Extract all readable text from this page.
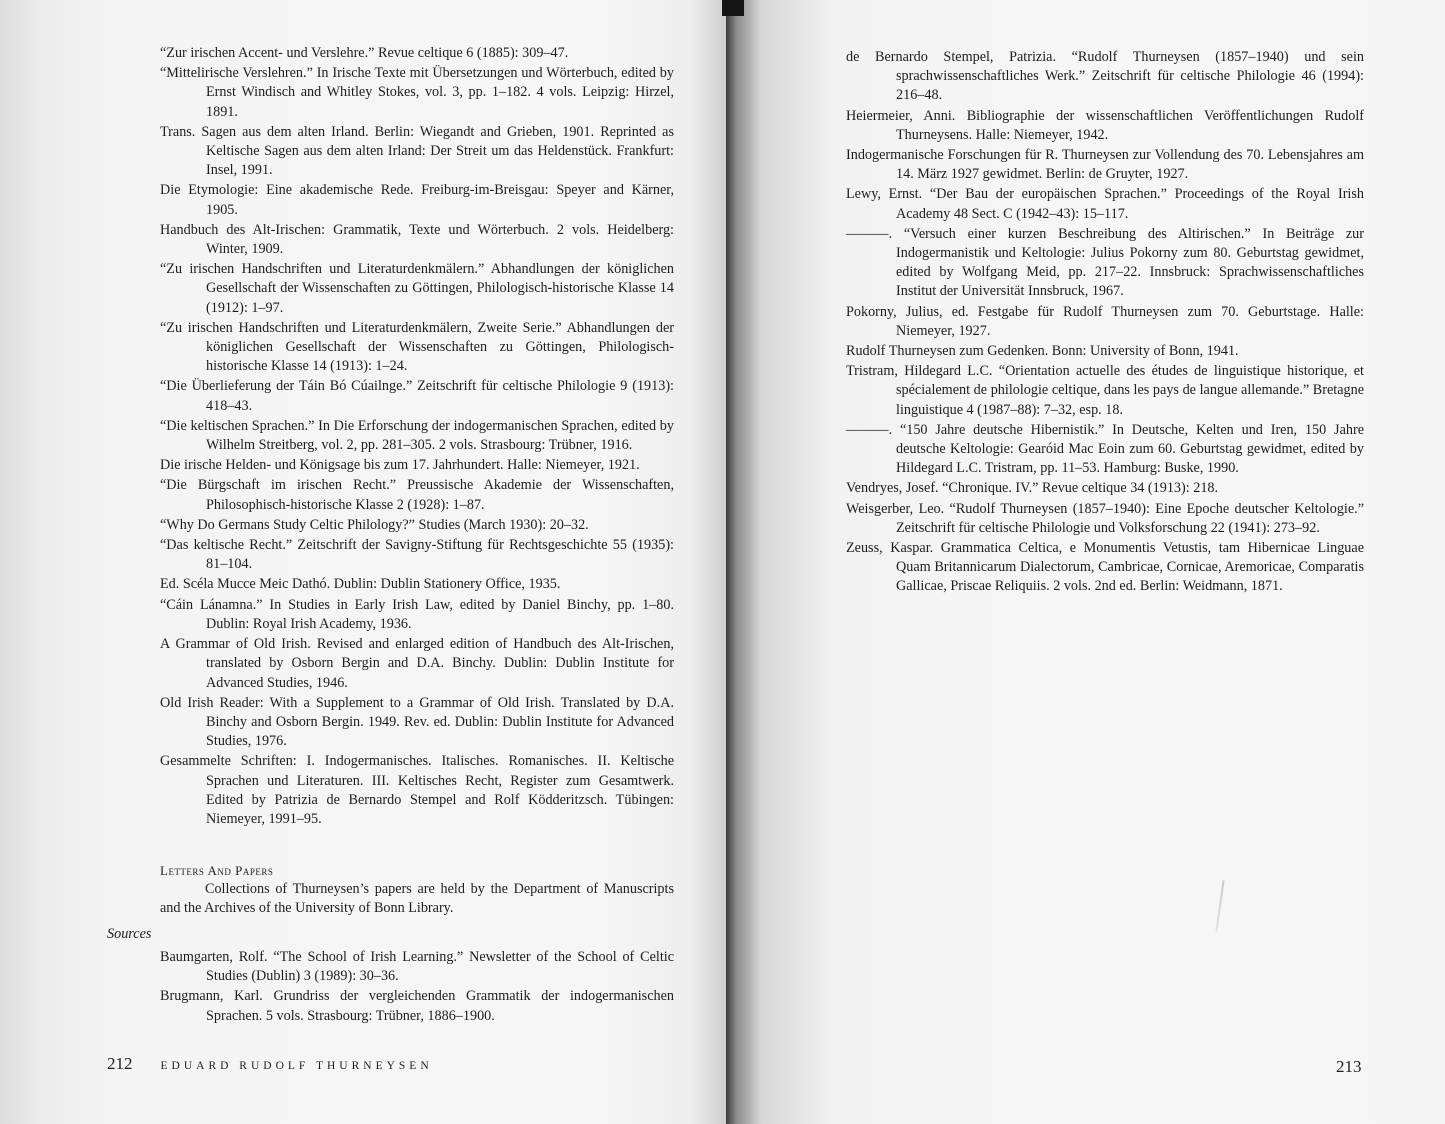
“Zur irischen Accent- und Verslehre.” Revue celtique 6 (1885): 309–47.

“Mittelirische Verslehren.” In Irische Texte mit Übersetzungen und Wörterbuch, edited by Ernst Windisch and Whitley Stokes, vol. 3, pp. 1–182. 4 vols. Leipzig: Hirzel, 1891.

Trans. Sagen aus dem alten Irland. Berlin: Wiegandt and Grieben, 1901. Reprinted as Keltische Sagen aus dem alten Irland: Der Streit um das Heldenstück. Frankfurt: Insel, 1991.

Die Etymologie: Eine akademische Rede. Freiburg-im-Breisgau: Speyer and Kärner, 1905.

Handbuch des Alt-Irischen: Grammatik, Texte und Wörterbuch. 2 vols. Heidelberg: Winter, 1909.

“Zu irischen Handschriften und Literaturdenkmälern.” Abhandlungen der königlichen Gesellschaft der Wissenschaften zu Göttingen, Philologisch-historische Klasse 14 (1912): 1–97.

“Zu irischen Handschriften und Literaturdenkmälern, Zweite Serie.” Abhandlungen der königlichen Gesellschaft der Wissenschaften zu Göttingen, Philologisch-historische Klasse 14 (1913): 1–24.

“Die Überlieferung der Táin Bó Cúailnge.” Zeitschrift für celtische Philologie 9 (1913): 418–43.

“Die keltischen Sprachen.” In Die Erforschung der indogermanischen Sprachen, edited by Wilhelm Streitberg, vol. 2, pp. 281–305. 2 vols. Strasbourg: Trübner, 1916.

Die irische Helden- und Königsage bis zum 17. Jahrhundert. Halle: Niemeyer, 1921.

“Die Bürgschaft im irischen Recht.” Preussische Akademie der Wissenschaften, Philosophisch-historische Klasse 2 (1928): 1–87.

“Why Do Germans Study Celtic Philology?” Studies (March 1930): 20–32.

“Das keltische Recht.” Zeitschrift der Savigny-Stiftung für Rechtsgeschichte 55 (1935): 81–104.

Ed. Scéla Mucce Meic Dathó. Dublin: Dublin Stationery Office, 1935.

“Cáin Lánamna.” In Studies in Early Irish Law, edited by Daniel Binchy, pp. 1–80. Dublin: Royal Irish Academy, 1936.

A Grammar of Old Irish. Revised and enlarged edition of Handbuch des Alt-Irischen, translated by Osborn Bergin and D.A. Binchy. Dublin: Dublin Institute for Advanced Studies, 1946.

Old Irish Reader: With a Supplement to a Grammar of Old Irish. Translated by D.A. Binchy and Osborn Bergin. 1949. Rev. ed. Dublin: Dublin Institute for Advanced Studies, 1976.

Gesammelte Schriften: I. Indogermanisches. Italisches. Romanisches. II. Keltische Sprachen und Literaturen. III. Keltisches Recht, Register zum Gesamtwerk. Edited by Patrizia de Bernardo Stempel and Rolf Ködderitzsch. Tübingen: Niemeyer, 1991–95.

Letters And Papers

Collections of Thurneysen’s papers are held by the Department of Manuscripts and the Archives of the University of Bonn Library.

Sources

Baumgarten, Rolf. “The School of Irish Learning.” Newsletter of the School of Celtic Studies (Dublin) 3 (1989): 30–36.

Brugmann, Karl. Grundriss der vergleichenden Grammatik der indogermanischen Sprachen. 5 vols. Strasbourg: Trübner, 1886–1900.

212 EDUARD RUDOLF THURNEYSEN

de Bernardo Stempel, Patrizia. “Rudolf Thurneysen (1857–1940) und sein sprachwissenschaftliches Werk.” Zeitschrift für celtische Philologie 46 (1994): 216–48.

Heiermeier, Anni. Bibliographie der wissenschaftlichen Veröffentlichungen Rudolf Thurneysens. Halle: Niemeyer, 1942.

Indogermanische Forschungen für R. Thurneysen zur Vollendung des 70. Lebensjahres am 14. März 1927 gewidmet. Berlin: de Gruyter, 1927.

Lewy, Ernst. “Der Bau der europäischen Sprachen.” Proceedings of the Royal Irish Academy 48 Sect. C (1942–43): 15–117.

———. “Versuch einer kurzen Beschreibung des Altirischen.” In Beiträge zur Indogermanistik und Keltologie: Julius Pokorny zum 80. Geburtstag gewidmet, edited by Wolfgang Meid, pp. 217–22. Innsbruck: Sprachwissenschaftliches Institut der Universität Innsbruck, 1967.

Pokorny, Julius, ed. Festgabe für Rudolf Thurneysen zum 70. Geburtstage. Halle: Niemeyer, 1927.

Rudolf Thurneysen zum Gedenken. Bonn: University of Bonn, 1941.

Tristram, Hildegard L.C. “Orientation actuelle des études de linguistique historique, et spécialement de philologie celtique, dans les pays de langue allemande.” Bretagne linguistique 4 (1987–88): 7–32, esp. 18.

———. “150 Jahre deutsche Hibernistik.” In Deutsche, Kelten und Iren, 150 Jahre deutsche Keltologie: Gearóid Mac Eoin zum 60. Geburtstag gewidmet, edited by Hildegard L.C. Tristram, pp. 11–53. Hamburg: Buske, 1990.

Vendryes, Josef. “Chronique. IV.” Revue celtique 34 (1913): 218.

Weisgerber, Leo. “Rudolf Thurneysen (1857–1940): Eine Epoche deutscher Keltologie.” Zeitschrift für celtische Philologie und Volksforschung 22 (1941): 273–92.

Zeuss, Kaspar. Grammatica Celtica, e Monumentis Vetustis, tam Hibernicae Linguae Quam Britannicarum Dialectorum, Cambricae, Cornicae, Aremoricae, Comparatis Gallicae, Priscae Reliquiis. 2 vols. 2nd ed. Berlin: Weidmann, 1871.

213
